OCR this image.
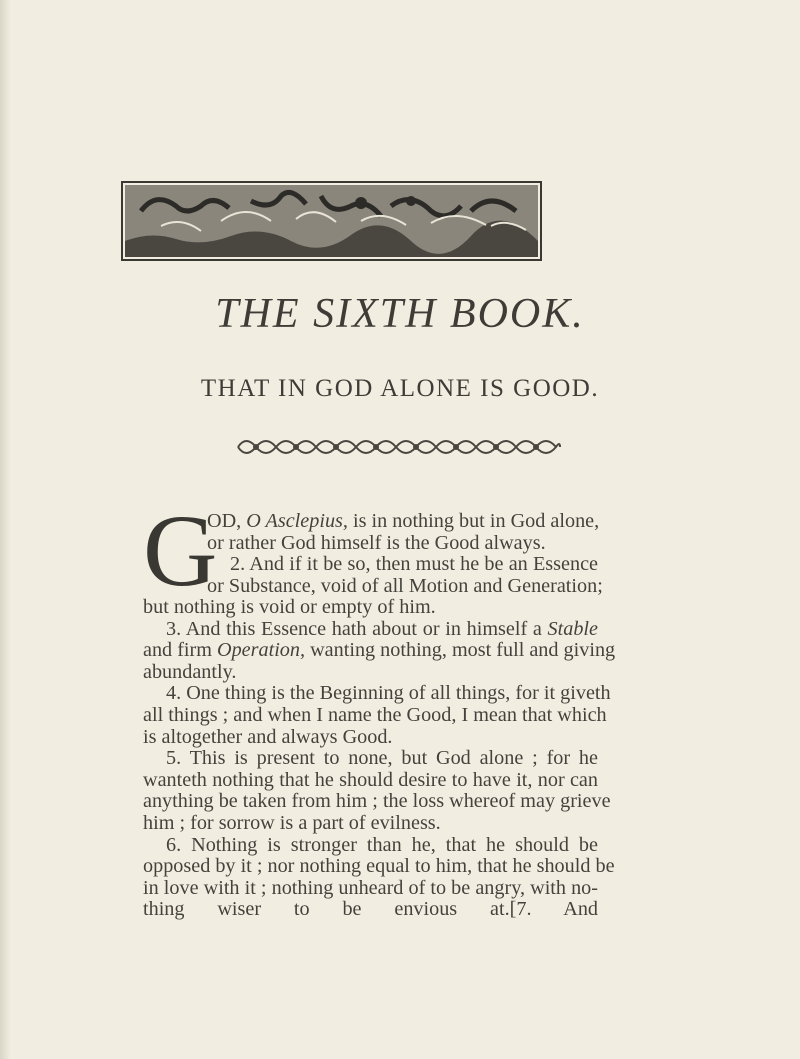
THE SIXTH BOOK.
THAT IN GOD ALONE IS GOOD.
G
OD, O Asclepius, is in nothing but in God alone,
or rather God himself is the Good always.
2. And if it be so, then must he be an Essence
or Substance, void of all Motion and Generation;
but nothing is void or empty of him.
3. And this Essence hath about or in himself a Stable
and firm Operation, wanting nothing, most full and giving
abundantly.
4. One thing is the Beginning of all things, for it giveth
all things ; and when I name the Good, I mean that which
is altogether and always Good.
5. This is present to none, but God alone ; for he
wanteth nothing that he should desire to have it, nor can
anything be taken from him ; the loss whereof may grieve
him ; for sorrow is a part of evilness.
6. Nothing is stronger than he, that he should be
opposed by it ; nor nothing equal to him, that he should be
in love with it ; nothing unheard of to be angry, with no-
thing wiser to be envious at.[7. And
